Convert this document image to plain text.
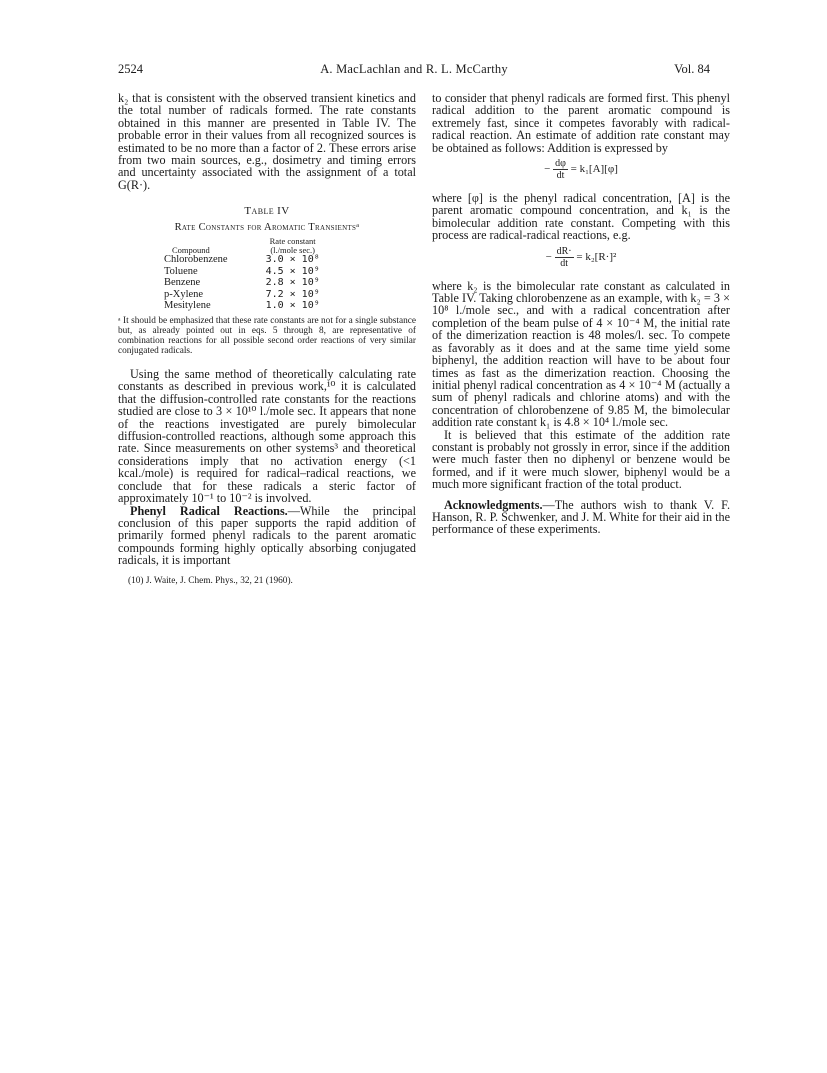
2524	A. MacLachlan and R. L. McCarthy	Vol. 84

k₂ that is consistent with the observed transient kinetics and the total number of radicals formed. The rate constants obtained in this manner are presented in Table IV. The probable error in their values from all recognized sources is estimated to be no more than a factor of 2. These errors arise from two main sources, e.g., dosimetry and timing errors and uncertainty associated with the assignment of a total G(R·).

Table IV
Rate Constants for Aromatic Transientsᵃ
Compound	Rate constant
(l./mole sec.)

Chlorobenzene	3.0 × 10⁸
Toluene	4.5 × 10⁹
Benzene	2.8 × 10⁹
p-Xylene	7.2 × 10⁹
Mesitylene	1.0 × 10⁹
ᵃ It should be emphasized that these rate constants are not for a single substance but, as already pointed out in eqs. 5 through 8, are representative of combination reactions for all possible second order reactions of very similar conjugated radicals.

Using the same method of theoretically calculating rate constants as described in previous work,¹⁰ it is calculated that the diffusion-controlled rate constants for the reactions studied are close to 3 × 10¹⁰ l./mole sec. It appears that none of the reactions investigated are purely bimolecular diffusion-controlled reactions, although some approach this rate. Since measurements on other systems³ and theoretical considerations imply that no activation energy (<1 kcal./mole) is required for radical–radical reactions, we conclude that for these radicals a steric factor of approximately 10⁻¹ to 10⁻² is involved.

Phenyl Radical Reactions.—While the principal conclusion of this paper supports the rapid addition of primarily formed phenyl radicals to the parent aromatic compounds forming highly optically absorbing conjugated radicals, it is important

(10) J. Waite, J. Chem. Phys., 32, 21 (1960).

to consider that phenyl radicals are formed first. This phenyl radical addition to the parent aromatic compound is extremely fast, since it competes favorably with radical-radical reaction. An estimate of addition rate constant may be obtained as follows: Addition is expressed by

− $\frac{d\varphi}{dt} = k_1[A][\varphi]$

where [φ] is the phenyl radical concentration, [A] is the parent aromatic compound concentration, and k₁ is the bimolecular addition rate constant. Competing with this process are radical-radical reactions, e.g.

− $\frac{dR\cdot}{dt} = k_2[R\cdot]^2$

where k₂ is the bimolecular rate constant as calculated in Table IV. Taking chlorobenzene as an example, with k₂ = 3 × 10⁸ l./mole sec., and with a radical concentration after completion of the beam pulse of 4 × 10⁻⁴ M, the initial rate of the dimerization reaction is 48 moles/l. sec. To compete as favorably as it does and at the same time yield some biphenyl, the addition reaction will have to be about four times as fast as the dimerization reaction. Choosing the initial phenyl radical concentration as 4 × 10⁻⁴ M (actually a sum of phenyl radicals and chlorine atoms) and with the concentration of chlorobenzene of 9.85 M, the bimolecular addition rate constant k₁ is 4.8 × 10⁴ l./mole sec.

It is believed that this estimate of the addition rate constant is probably not grossly in error, since if the addition were much faster then no diphenyl or benzene would be formed, and if it were much slower, biphenyl would be a much more significant fraction of the total product.

Acknowledgments.—The authors wish to thank V. F. Hanson, R. P. Schwenker, and J. M. White for their aid in the performance of these experiments.
